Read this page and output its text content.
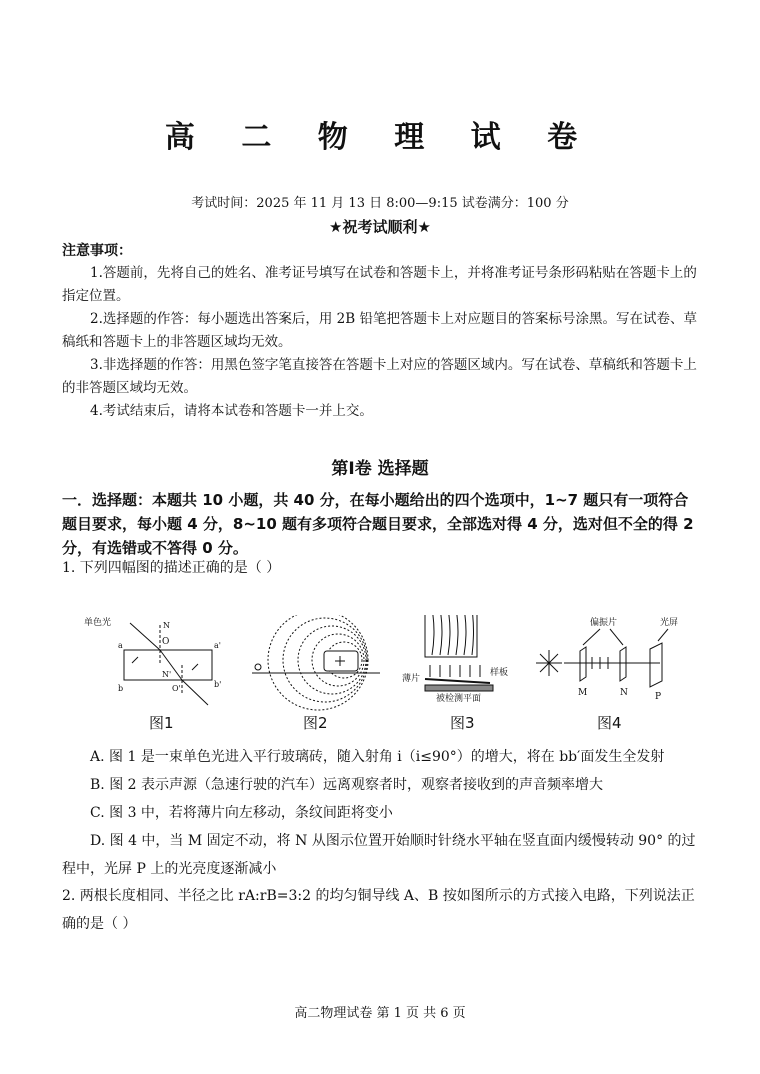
高 二 物 理 试 卷
考试时间：2025 年 11 月 13 日 8:00—9:15 试卷满分：100 分
★祝考试顺利★
注意事项：

1.答题前，先将自己的姓名、准考证号填写在试卷和答题卡上，并将准考证号条形码粘贴在答题卡上的指定位置。

2.选择题的作答：每小题选出答案后，用 2B 铅笔把答题卡上对应题目的答案标号涂黑。写在试卷、草稿纸和答题卡上的非答题区域均无效。

3.非选择题的作答：用黑色签字笔直接答在答题卡上对应的答题区域内。写在试卷、草稿纸和答题卡上的非答题区域均无效。

4.考试结束后，请将本试卷和答题卡一并上交。

第Ⅰ卷 选择题
一．选择题：本题共 10 小题，共 40 分，在每小题给出的四个选项中，1~7 题只有一项符合题目要求，每小题 4 分，8~10 题有多项符合题目要求，全部选对得 4 分，选对但不全的得 2 分，有选错或不答得 0 分。
1. 下列四幅图的描述正确的是（ ）
单色光	N
O
a	a'
b	b'
N'
O'
薄片
样板
被检测平面
偏振片	光屏
M	N	P
图1	图2	图3	图4

A. 图 1 是一束单色光进入平行玻璃砖，随入射角 i（i≤90°）的增大，将在 bb′面发生全发射

B. 图 2 表示声源（急速行驶的汽车）远离观察者时，观察者接收到的声音频率增大

C. 图 3 中，若将薄片向左移动，条纹间距将变小

D. 图 4 中，当 M 固定不动，将 N 从图示位置开始顺时针绕水平轴在竖直面内缓慢转动 90° 的过程中，光屏 P 上的光亮度逐渐减小

2. 两根长度相同、半径之比 rA:rB=3:2 的均匀铜导线 A、B 按如图所示的方式接入电路，下列说法正确的是（ ）
高二物理试卷 第 1 页 共 6 页
